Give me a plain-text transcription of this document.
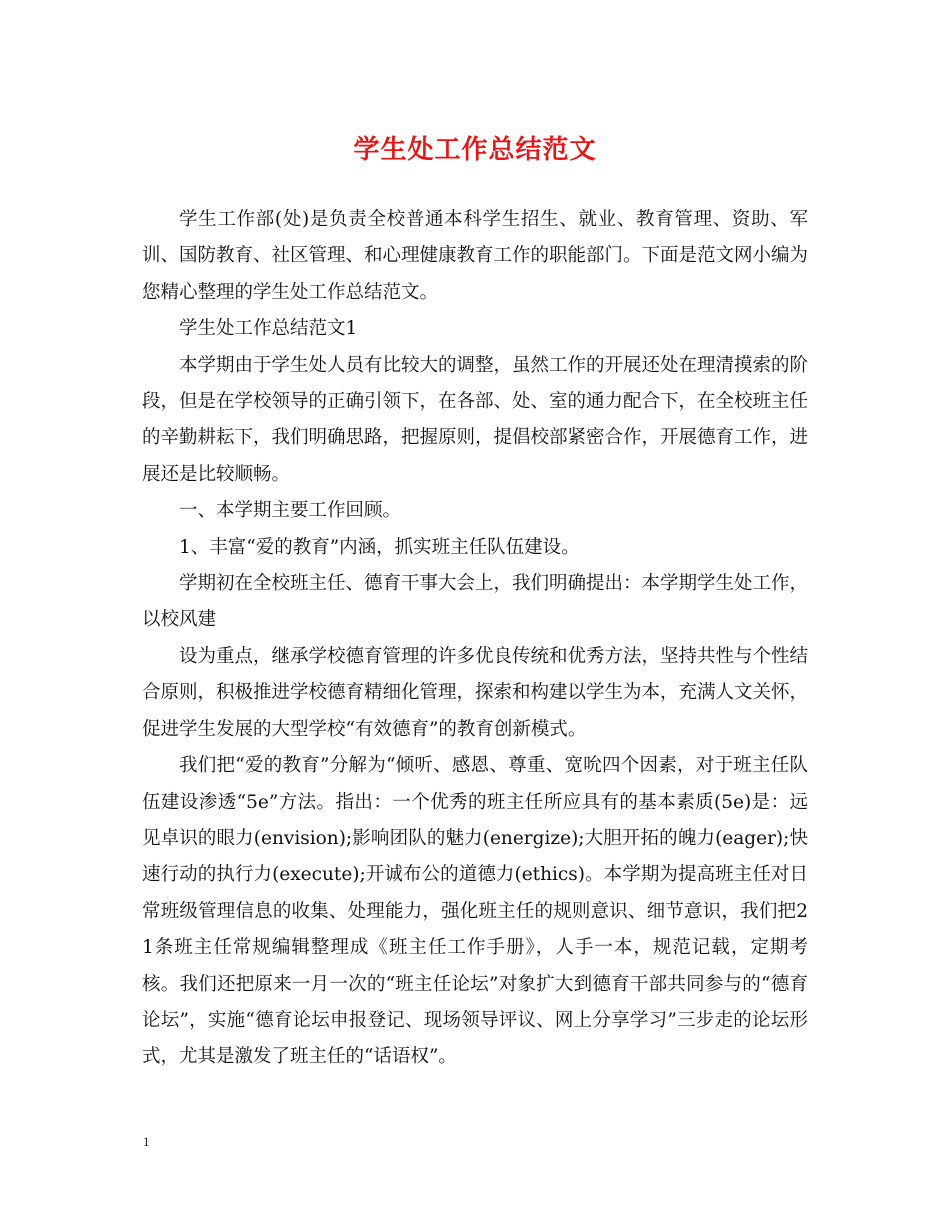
学生处工作总结范文

学生工作部(处)是负责全校普通本科学生招生、就业、教育管理、资助、军训、国防教育、社区管理、和心理健康教育工作的职能部门。下面是范文网小编为您精心整理的学生处工作总结范文。

学生处工作总结范文1

本学期由于学生处人员有比较大的调整，虽然工作的开展还处在理清摸索的阶段，但是在学校领导的正确引领下，在各部、处、室的通力配合下，在全校班主任的辛勤耕耘下，我们明确思路，把握原则，提倡校部紧密合作，开展德育工作，进展还是比较顺畅。

一、本学期主要工作回顾。

1、丰富“爱的教育”内涵，抓实班主任队伍建设。

学期初在全校班主任、德育干事大会上，我们明确提出：本学期学生处工作，以校风建

设为重点，继承学校德育管理的许多优良传统和优秀方法，坚持共性与个性结合原则，积极推进学校德育精细化管理，探索和构建以学生为本，充满人文关怀，促进学生发展的大型学校“有效德育”的教育创新模式。

我们把“爱的教育”分解为“倾听、感恩、尊重、宽吮四个因素，对于班主任队伍建设渗透“5e”方法。指出：一个优秀的班主任所应具有的基本素质(5e)是：远见卓识的眼力(envision);影响团队的魅力(energize);大胆开拓的魄力(eager);快速行动的执行力(execute);开诚布公的道德力(ethics)。本学期为提高班主任对日常班级管理信息的收集、处理能力，强化班主任的规则意识、细节意识，我们把21条班主任常规编辑整理成《班主任工作手册》，人手一本，规范记载，定期考核。我们还把原来一月一次的“班主任论坛”对象扩大到德育干部共同参与的“德育论坛”，实施“德育论坛申报登记、现场领导评议、网上分享学习”三步走的论坛形式，尤其是激发了班主任的“话语权”。

1
